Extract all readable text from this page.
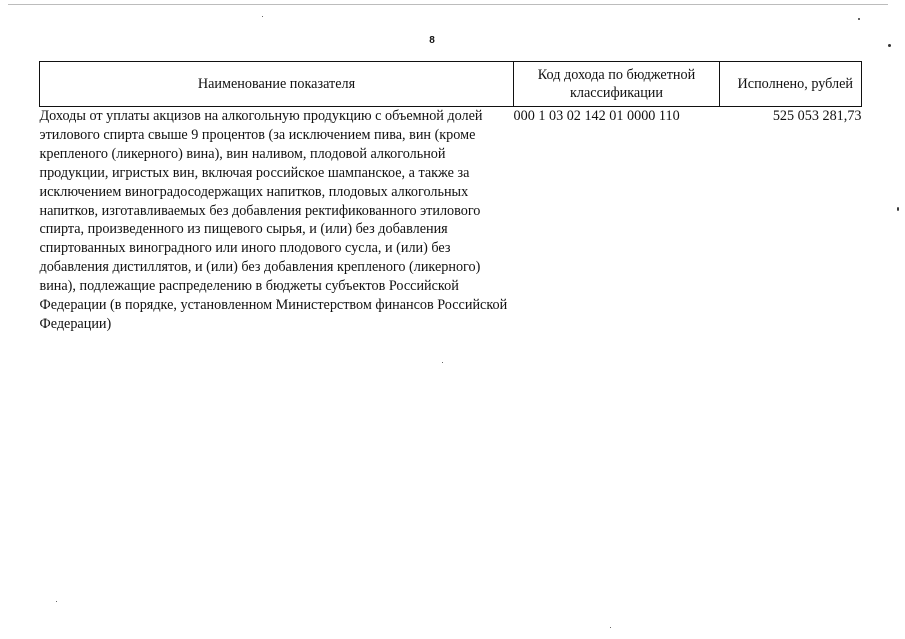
8
Наименование показателя	Код дохода по бюджетной классификации	Исполнено, рублей
Доходы от уплаты акцизов на алкогольную продукцию с объемной долей этилового спирта свыше 9 процентов (за исключением пива, вин (кроме крепленого (ликерного) вина), вин наливом, плодовой алкогольной продукции, игристых вин, включая российское шампанское, а также за исключением виноградосодержащих напитков, плодовых алкогольных напитков, изготавливаемых без добавления ректификованного этилового спирта, произведенного из пищевого сырья, и (или) без добавления спиртованных виноградного или иного плодового сусла, и (или) без добавления дистиллятов, и (или) без добавления крепленого (ликерного) вина), подлежащие распределению в бюджеты субъектов Российской Федерации (в порядке, установленном Министерством финансов Российской Федерации)	000 1 03 02 142 01 0000 110	525 053 281,73
